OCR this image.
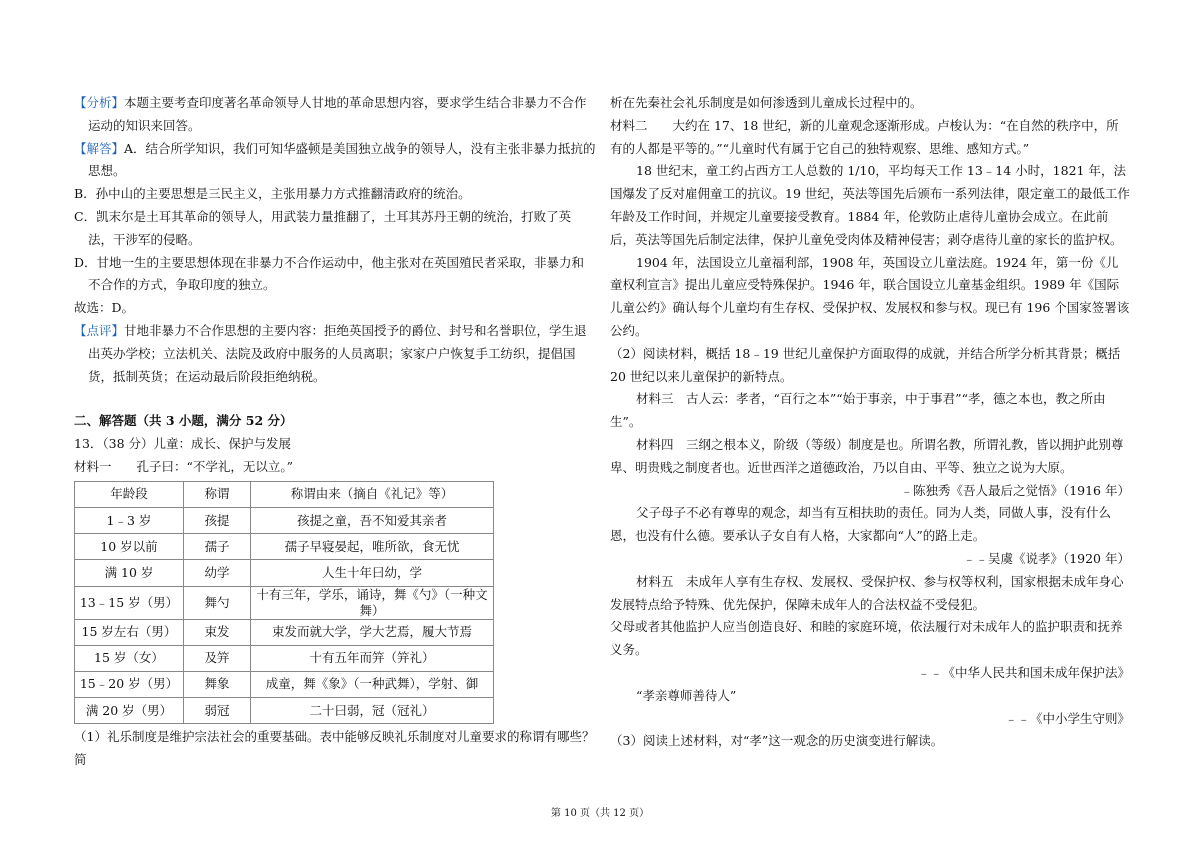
【分析】本题主要考查印度著名革命领导人甘地的革命思想内容，要求学生结合非暴力不合作运动的知识来回答。

【解答】A．结合所学知识，我们可知华盛顿是美国独立战争的领导人，没有主张非暴力抵抗的思想。

B．孙中山的主要思想是三民主义，主张用暴力方式推翻清政府的统治。

C．凯末尔是土耳其革命的领导人，用武装力量推翻了，土耳其苏丹王朝的统治，打败了英法，干涉军的侵略。

D．甘地一生的主要思想体现在非暴力不合作运动中，他主张对在英国殖民者采取，非暴力和不合作的方式，争取印度的独立。

故选：D。

【点评】甘地非暴力不合作思想的主要内容：拒绝英国授予的爵位、封号和名誉职位，学生退出英办学校；立法机关、法院及政府中服务的人员离职；家家户户恢复手工纺织，提倡国货，抵制英货；在运动最后阶段拒绝纳税。

二、解答题（共 3 小题，满分 52 分）

13．（38 分）儿童：成长、保护与发展

材料一　　孔子曰：“不学礼，无以立。”

年龄段	称谓	称谓由来（摘自《礼记》等）
1﹣3 岁	孩提	孩提之童，吾不知爱其亲者
10 岁以前	孺子	孺子早寝晏起，唯所欲，食无忧
满 10 岁	幼学	人生十年曰幼，学
13﹣15 岁（男）	舞勺	十有三年，学乐，诵诗，舞《勺》（一种文舞）
15 岁左右（男）	束发	束发而就大学，学大艺焉，履大节焉
15 岁（女）	及笄	十有五年而笄（笄礼）
15﹣20 岁（男）	舞象	成童，舞《象》（一种武舞），学射、御
满 20 岁（男）	弱冠	二十曰弱，冠（冠礼）

（1）礼乐制度是维护宗法社会的重要基础。表中能够反映礼乐制度对儿童要求的称谓有哪些？简

析在先秦社会礼乐制度是如何渗透到儿童成长过程中的。

材料二　　大约在 17、18 世纪，新的儿童观念逐渐形成。卢梭认为：“在自然的秩序中，所有的人都是平等的。”“儿童时代有属于它自己的独特观察、思维、感知方式。”

18 世纪末，童工约占西方工人总数的 1/10，平均每天工作 13﹣14 小时，1821 年，法国爆发了反对雇佣童工的抗议。19 世纪，英法等国先后颁布一系列法律，限定童工的最低工作年龄及工作时间，并规定儿童要接受教育。1884 年，伦敦防止虐待儿童协会成立。在此前后，英法等国先后制定法律，保护儿童免受肉体及精神侵害；剥夺虐待儿童的家长的监护权。

1904 年，法国设立儿童福利部，1908 年，英国设立儿童法庭。1924 年，第一份《儿童权利宣言》提出儿童应受特殊保护。1946 年，联合国设立儿童基金组织。1989 年《国际儿童公约》确认每个儿童均有生存权、受保护权、发展权和参与权。现已有 196 个国家签署该公约。

（2）阅读材料，概括 18﹣19 世纪儿童保护方面取得的成就，并结合所学分析其背景；概括 20 世纪以来儿童保护的新特点。

材料三　古人云：孝者，“百行之本”“始于事亲，中于事君”“孝，德之本也，教之所由生”。

材料四　三纲之根本义，阶级（等级）制度是也。所谓名教，所谓礼教，皆以拥护此别尊卑、明贵贱之制度者也。近世西洋之道德政治，乃以自由、平等、独立之说为大原。

﹣陈独秀《吾人最后之觉悟》（1916 年）

父子母子不必有尊卑的观念，却当有互相扶助的责任。同为人类，同做人事，没有什么恩，也没有什么德。要承认子女自有人格，大家都向“人”的路上走。

﹣﹣吴虞《说孝》（1920 年）

材料五　未成年人享有生存权、发展权、受保护权、参与权等权利，国家根据未成年身心发展特点给予特殊、优先保护，保障未成年人的合法权益不受侵犯。

父母或者其他监护人应当创造良好、和睦的家庭环境，依法履行对未成年人的监护职责和抚养义务。

﹣﹣《中华人民共和国未成年保护法》

“孝亲尊师善待人”

﹣﹣《中小学生守则》

（3）阅读上述材料，对“孝”这一观念的历史演变进行解读。

第 10 页（共 12 页）
